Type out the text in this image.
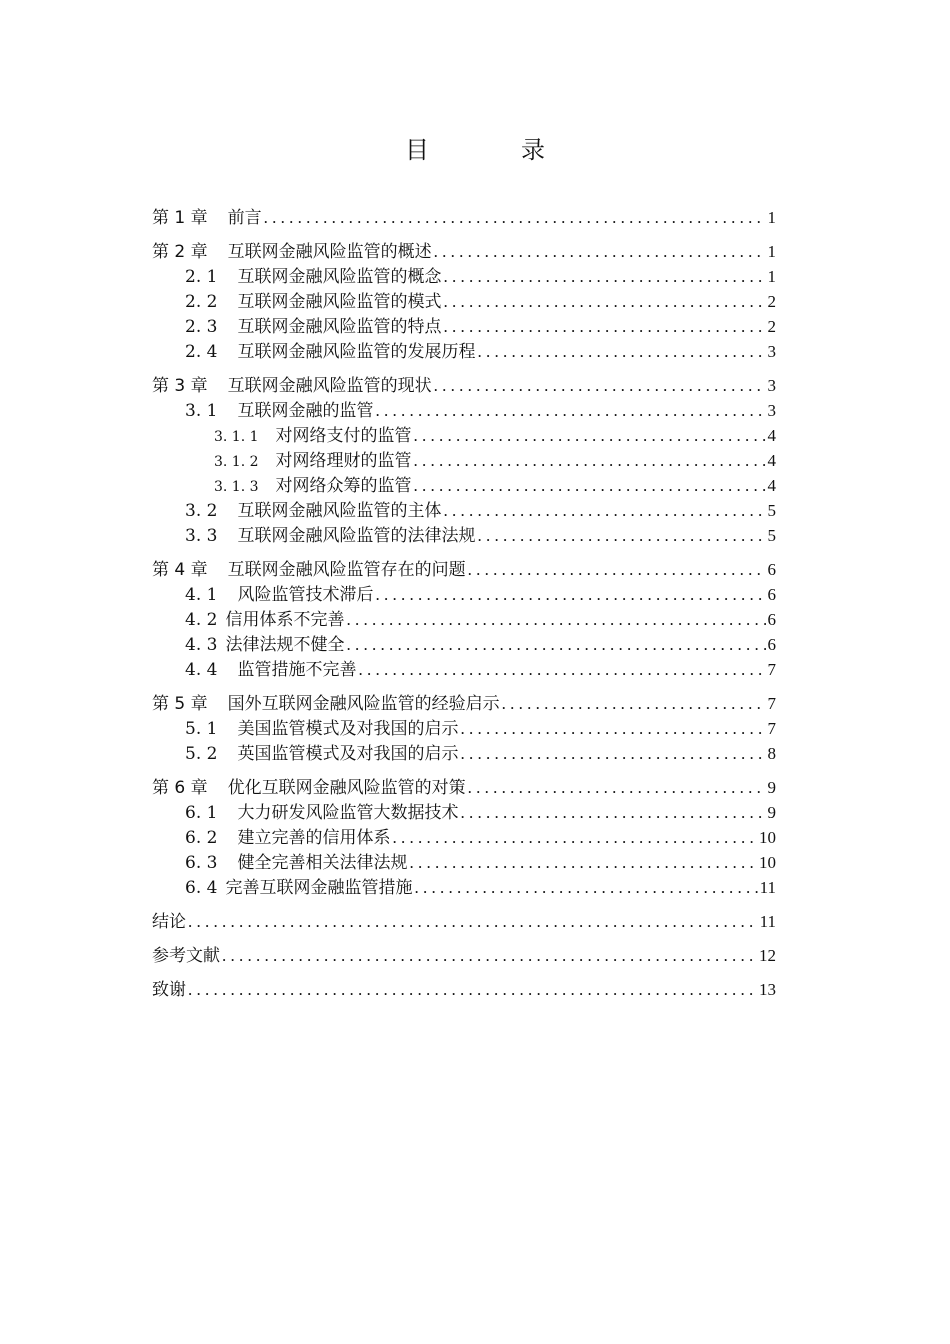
目　录
第 1 章 前言 . . .	1
第 2 章 互联网金融风险监管的概述 . . .	1
2. 1 互联网金融风险监管的概念 . . .	1
2. 2 互联网金融风险监管的模式 . . .	2
2. 3 互联网金融风险监管的特点 . . .	2
2. 4 互联网金融风险监管的发展历程 . . .	3
第 3 章 互联网金融风险监管的现状 . . .	3
3. 1 互联网金融的监管 . . .	3
3. 1. 1 对网络支付的监管 . . .	4
3. 1. 2 对网络理财的监管 . . .	4
3. 1. 3 对网络众筹的监管 . . .	4
3. 2 互联网金融风险监管的主体 . . .	5
3. 3 互联网金融风险监管的法律法规 . . .	5
第 4 章 互联网金融风险监管存在的问题 . . .	6
4. 1 风险监管技术滞后 . . .	6
4. 2 信用体系不完善 . . .	6
4. 3 法律法规不健全 . . .	6
4. 4 监管措施不完善 . . .	7
第 5 章 国外互联网金融风险监管的经验启示 . . .	7
5. 1 美国监管模式及对我国的启示 . . .	7
5. 2 英国监管模式及对我国的启示 . . .	8
第 6 章 优化互联网金融风险监管的对策 . . .	9
6. 1 大力研发风险监管大数据技术 . . .	9
6. 2 建立完善的信用体系 . . .	10
6. 3 健全完善相关法律法规 . . .	10
6. 4 完善互联网金融监管措施 . . .	11
结论 . . .	11
参考文献 . . .	12
致谢 . . .	13
